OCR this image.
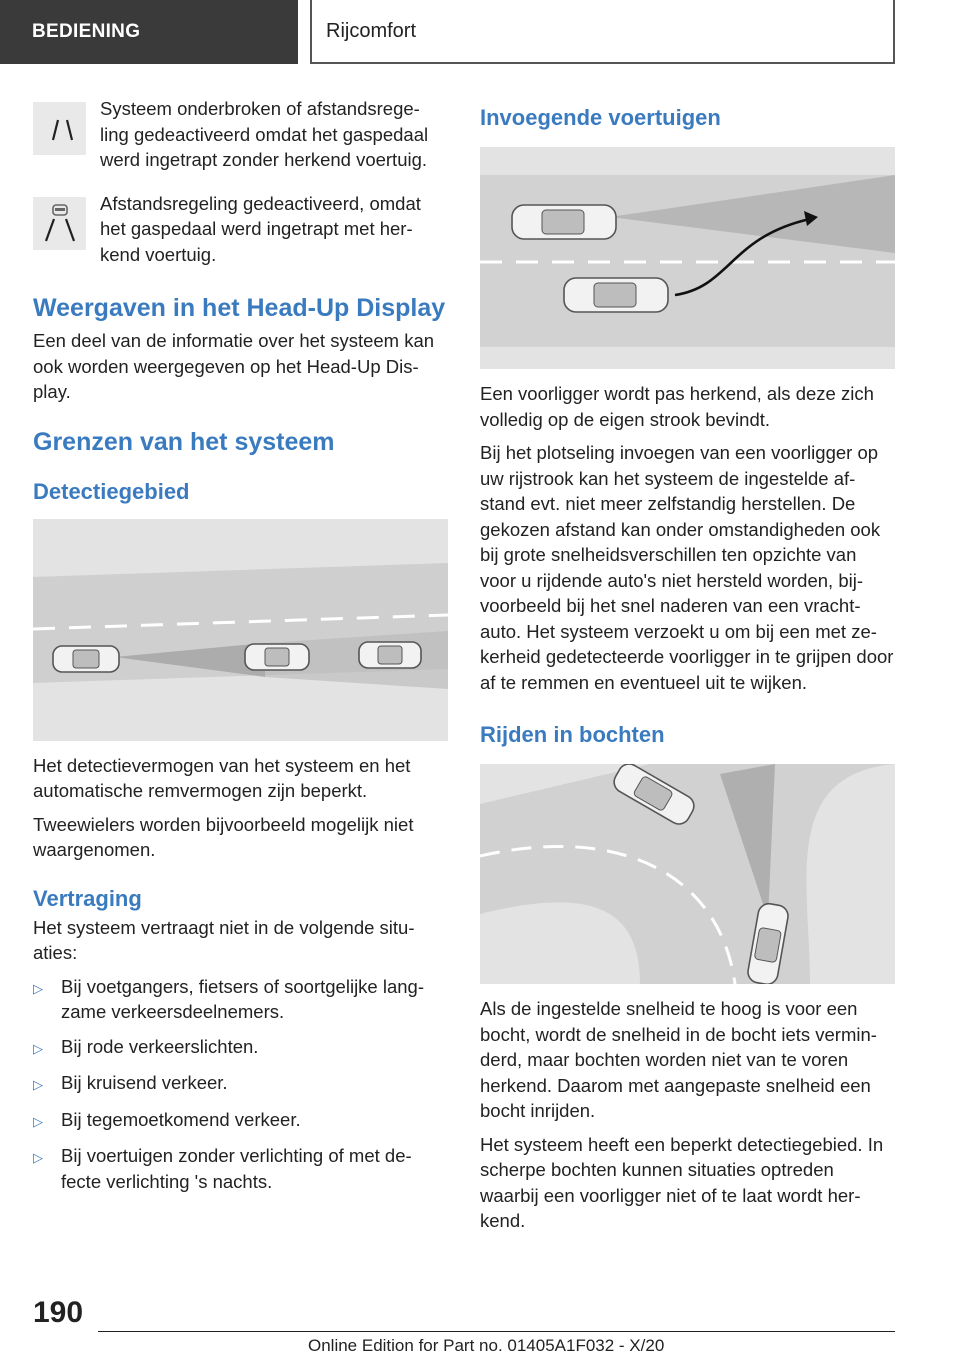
BEDIENING	Rijcomfort

Systeem onderbroken of afstandsrege-ling gedeactiveerd omdat het gaspedaal werd ingetrapt zonder herkend voertuig.

Afstandsregeling gedeactiveerd, omdat het gaspedaal werd ingetrapt met her-kend voertuig.

Weergaven in het Head-Up Display

Een deel van de informatie over het systeem kan ook worden weergegeven op het Head-Up Dis-play.

Grenzen van het systeem
Detectiegebied

Het detectievermogen van het systeem en het automatische remvermogen zijn beperkt.

Tweewielers worden bijvoorbeeld mogelijk niet waargenomen.

Vertraging

Het systeem vertraagt niet in de volgende situ-aties:

▷ Bij voetgangers, fietsers of soortgelijke lang-zame verkeersdeelnemers.
▷ Bij rode verkeerslichten.
▷ Bij kruisend verkeer.
▷ Bij tegemoetkomend verkeer.
▷ Bij voertuigen zonder verlichting of met de-fecte verlichting 's nachts.
Invoegende voertuigen

Een voorligger wordt pas herkend, als deze zich volledig op de eigen strook bevindt.

Bij het plotseling invoegen van een voorligger op uw rijstrook kan het systeem de ingestelde af-stand evt. niet meer zelfstandig herstellen. De gekozen afstand kan onder omstandigheden ook bij grote snelheidsverschillen ten opzichte van voor u rijdende auto's niet hersteld worden, bij-voorbeeld bij het snel naderen van een vracht-auto. Het systeem verzoekt u om bij een met ze-kerheid gedetecteerde voorligger in te grijpen door af te remmen en eventueel uit te wijken.

Rijden in bochten

Als de ingestelde snelheid te hoog is voor een bocht, wordt de snelheid in de bocht iets vermin-derd, maar bochten worden niet van te voren herkend. Daarom met aangepaste snelheid een bocht inrijden.

Het systeem heeft een beperkt detectiegebied. In scherpe bochten kunnen situaties optreden waarbij een voorligger niet of te laat wordt her-kend.

190
Online Edition for Part no. 01405A1F032 - X/20
